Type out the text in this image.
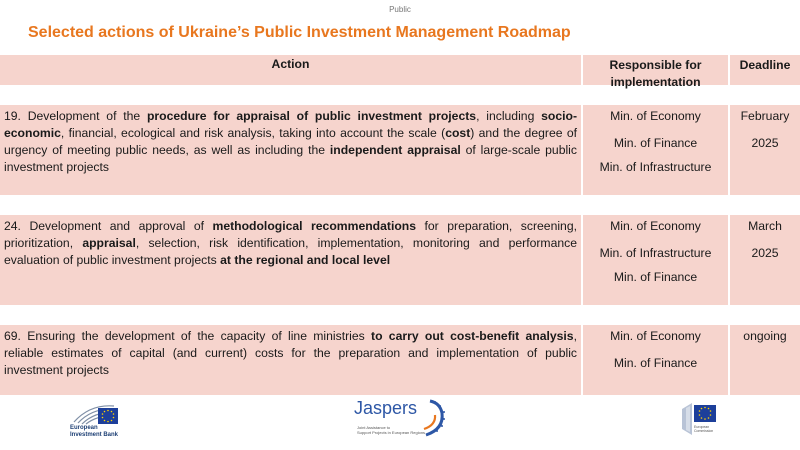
Public
Selected actions of Ukraine’s Public Investment Management Roadmap
Action	Responsible for
implementation
Deadline
19. Development of the procedure for appraisal of public investment projects, including socio-economic, financial, ecological and risk analysis, taking into account the scale (cost) and the degree of urgency of meeting public needs, as well as including the independent appraisal of large-scale public investment projects
Min. of Economy
Min. of Finance
Min. of Infrastructure
February
2025
24. Development and approval of methodological recommendations for preparation, screening, prioritization, appraisal, selection, risk identification, implementation, monitoring and performance evaluation of public investment projects at the regional and local level
Min. of Economy
Min. of Infrastructure
Min. of Finance
March
2025
69. Ensuring the development of the capacity of line ministries to carry out cost-benefit analysis, reliable estimates of capital (and current) costs for the preparation and implementation of public investment projects
Min. of Economy
Min. of Finance
ongoing
European
Investment Bank
Jaspers
Joint Assistance to
Support Projects in European Regions
European
Commission
